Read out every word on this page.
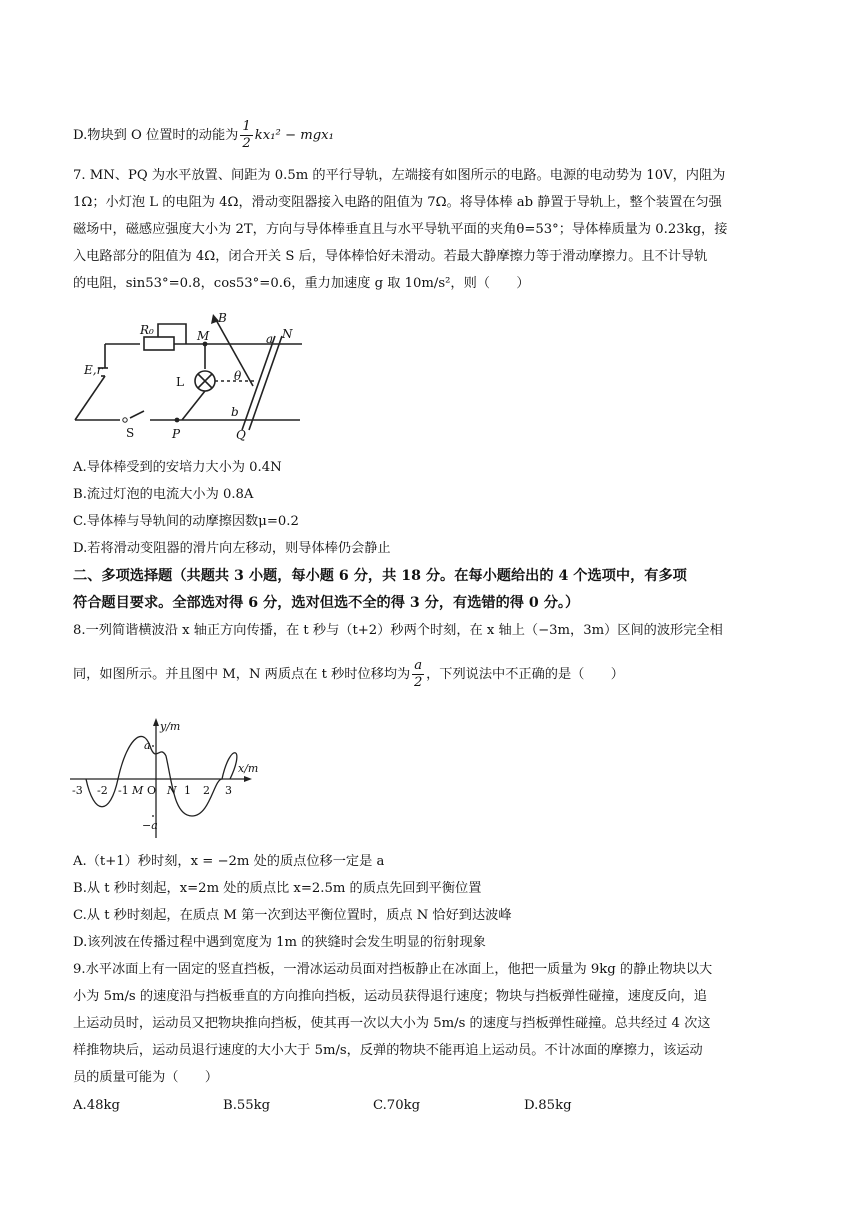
D.物块到 O 位置时的动能为 $\frac{1}{2} kx_1^2 - mgx_1$
7. MN、PQ 为水平放置、间距为 0.5m 的平行导轨，左端接有如图所示的电路。电源的电动势为 10V，内阻为
1Ω；小灯泡 L 的电阻为 4Ω，滑动变阻器接入电路的阻值为 7Ω。将导体棒 ab 静置于导轨上，整个装置在匀强
磁场中，磁感应强度大小为 2T，方向与导体棒垂直且与水平导轨平面的夹角θ=53°；导体棒质量为 0.23kg，接
入电路部分的阻值为 4Ω，闭合开关 S 后，导体棒恰好未滑动。若最大静摩擦力等于滑动摩擦力。且不计导轨
的电阻，sin53°=0.8，cos53°=0.6，重力加速度 g 取 10m/s²，则（　　）
R₀	M
B
a N
E,r
L	θ
b
S	P	Q
A.导体棒受到的安培力大小为 0.4N
B.流过灯泡的电流大小为 0.8A
C.导体棒与导轨间的动摩擦因数μ=0.2
D.若将滑动变阻器的滑片向左移动，则导体棒仍会静止
二、多项选择题（共题共 3 小题，每小题 6 分，共 18 分。在每小题给出的 4 个选项中，有多项
符合题目要求。全部选对得 6 分，选对但选不全的得 3 分，有选错的得 0 分。）
8.一列简谐横波沿 x 轴正方向传播，在 t 秒与（t+2）秒两个时刻，在 x 轴上（−3m，3m）区间的波形完全相
同，如图所示。并且图中 M，N 两质点在 t 秒时位移均为 $\frac{a}{2}$ ，下列说法中不正确的是（　　）
y/m
x/m
a
−a
-3 -2 -1 M O N 1 2 3
A.（t+1）秒时刻，x = −2m 处的质点位移一定是 a
B.从 t 秒时刻起，x=2m 处的质点比 x=2.5m 的质点先回到平衡位置
C.从 t 秒时刻起，在质点 M 第一次到达平衡位置时，质点 N 恰好到达波峰
D.该列波在传播过程中遇到宽度为 1m 的狭缝时会发生明显的衍射现象
9.水平冰面上有一固定的竖直挡板，一滑冰运动员面对挡板静止在冰面上，他把一质量为 9kg 的静止物块以大
小为 5m/s 的速度沿与挡板垂直的方向推向挡板，运动员获得退行速度；物块与挡板弹性碰撞，速度反向，追
上运动员时，运动员又把物块推向挡板，使其再一次以大小为 5m/s 的速度与挡板弹性碰撞。总共经过 4 次这
样推物块后，运动员退行速度的大小大于 5m/s，反弹的物块不能再追上运动员。不计冰面的摩擦力，该运动
员的质量可能为（　　）
A.48kg	B.55kg	C.70kg	D.85kg
